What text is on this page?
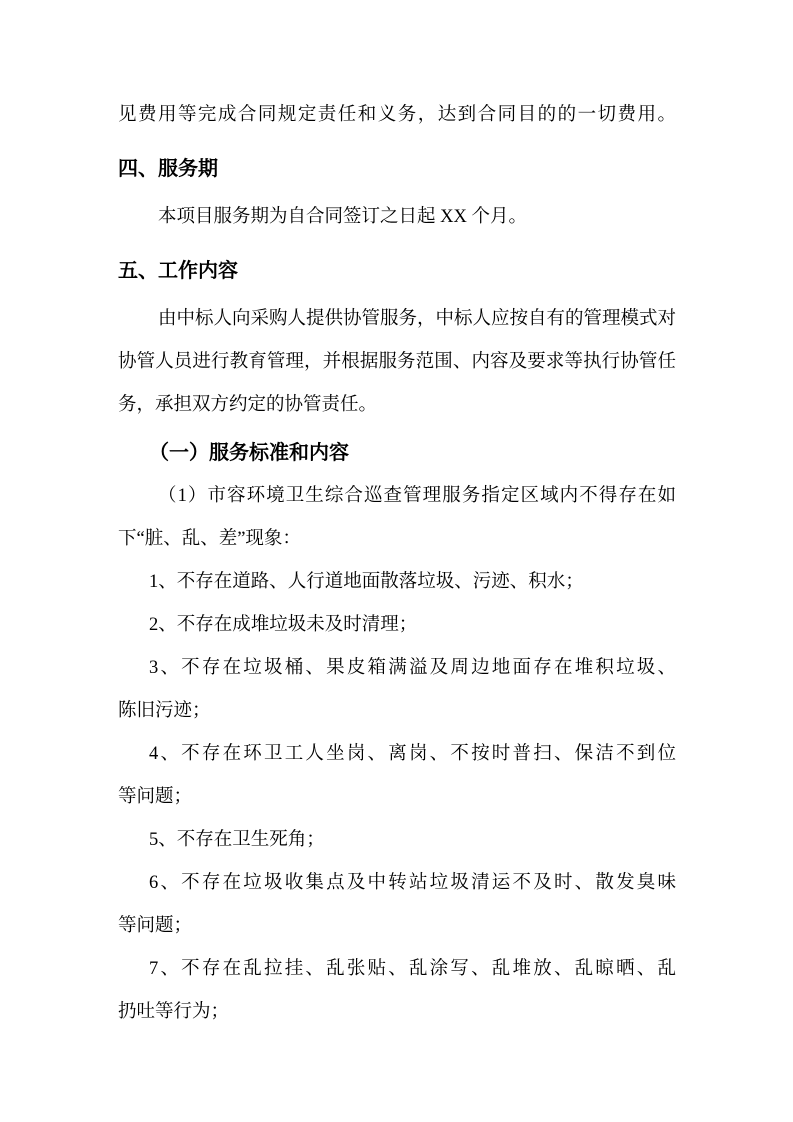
见费用等完成合同规定责任和义务，达到合同目的的一切费用。
四、服务期
本项目服务期为自合同签订之日起 XX 个月。
五、工作内容
由中标人向采购人提供协管服务，中标人应按自有的管理模式对
协管人员进行教育管理，并根据服务范围、内容及要求等执行协管任
务，承担双方约定的协管责任。
（一）服务标准和内容
（1）市容环境卫生综合巡查管理服务指定区域内不得存在如
下“脏、乱、差”现象：
1、不存在道路、人行道地面散落垃圾、污迹、积水；
2、不存在成堆垃圾未及时清理；
3、不存在垃圾桶、果皮箱满溢及周边地面存在堆积垃圾、
陈旧污迹；
4、不存在环卫工人坐岗、离岗、不按时普扫、保洁不到位
等问题；
5、不存在卫生死角；
6、不存在垃圾收集点及中转站垃圾清运不及时、散发臭味
等问题；
7、不存在乱拉挂、乱张贴、乱涂写、乱堆放、乱晾晒、乱
扔吐等行为；
